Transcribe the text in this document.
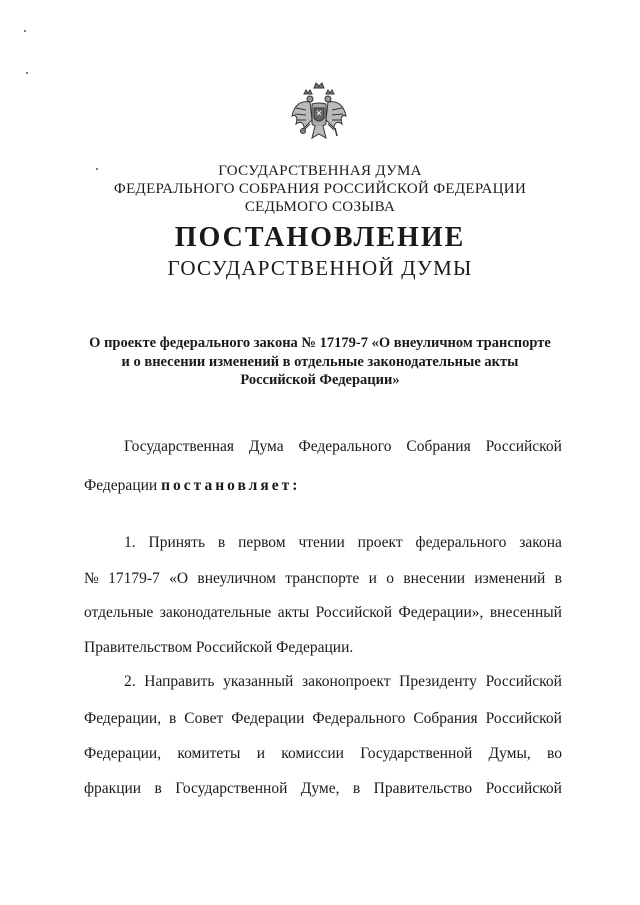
ГОСУДАРСТВЕННАЯ ДУМА
ФЕДЕРАЛЬНОГО СОБРАНИЯ РОССИЙСКОЙ ФЕДЕРАЦИИ
СЕДЬМОГО СОЗЫВА
ПОСТАНОВЛЕНИЕ
ГОСУДАРСТВЕННОЙ ДУМЫ
О проекте федерального закона № 17179-7 «О внеуличном транспорте
и о внесении изменений в отдельные законодательные акты
Российской Федерации»
Государственная Дума Федерального Собрания Российской
Федерации постановляет:
1. Принять в первом чтении проект федерального закона
№ 17179-7 «О внеуличном транспорте и о внесении изменений в
отдельные законодательные акты Российской Федерации», внесенный
Правительством Российской Федерации.
2. Направить указанный законопроект Президенту Российской
Федерации, в Совет Федерации Федерального Собрания Российской
Федерации, комитеты и комиссии Государственной Думы, во
фракции в Государственной Думе, в Правительство Российской
